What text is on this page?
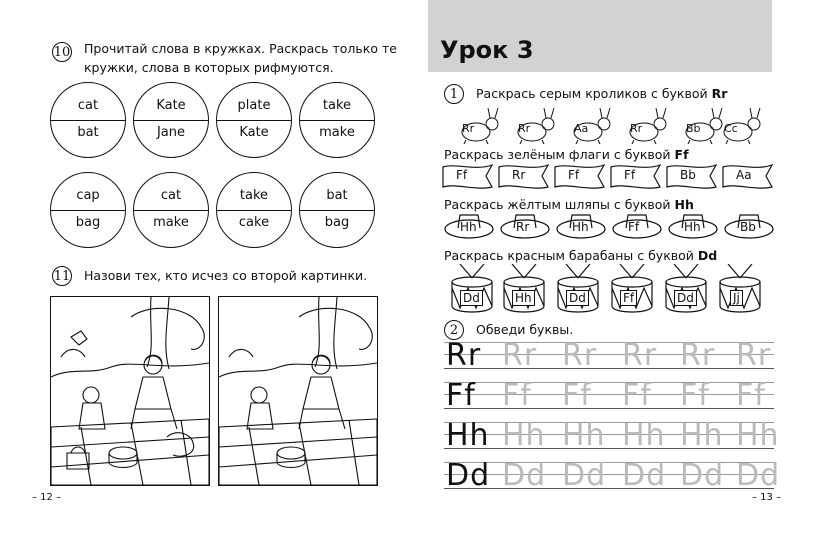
10 Прочитай слова в кружках. Раскрась только те
кружки, слова в которых рифмуются.
cat
bat
Kate
Jane
plate
Kate
take
make
cap
bag
cat
make
take
cake
bat
bag
11 Назови тех, кто исчез со второй картинки.
– 12 –
Урок 3
1	Раскрась серым кроликов с буквой Rr
Rr	Rr	Aa	Rr	Bb Cc
Раскрась зелёным флаги с буквой Ff
Ff	Rr	Ff	Ff	Bb	Aa
Раскрась жёлтым шляпы с буквой Hh
Hh	Rr	Hh	Ff	Hh	Bb
Раскрась красным барабаны с буквой Dd
Dd	Hh	Dd	Ff	Dd	Jj
2	Обведи буквы.
Rr Rr Rr Rr Rr Rr
Ff Ff Ff Ff Ff Ff
Hh Hh Hh Hh Hh Hh
Dd Dd Dd Dd Dd Dd
– 13 –
